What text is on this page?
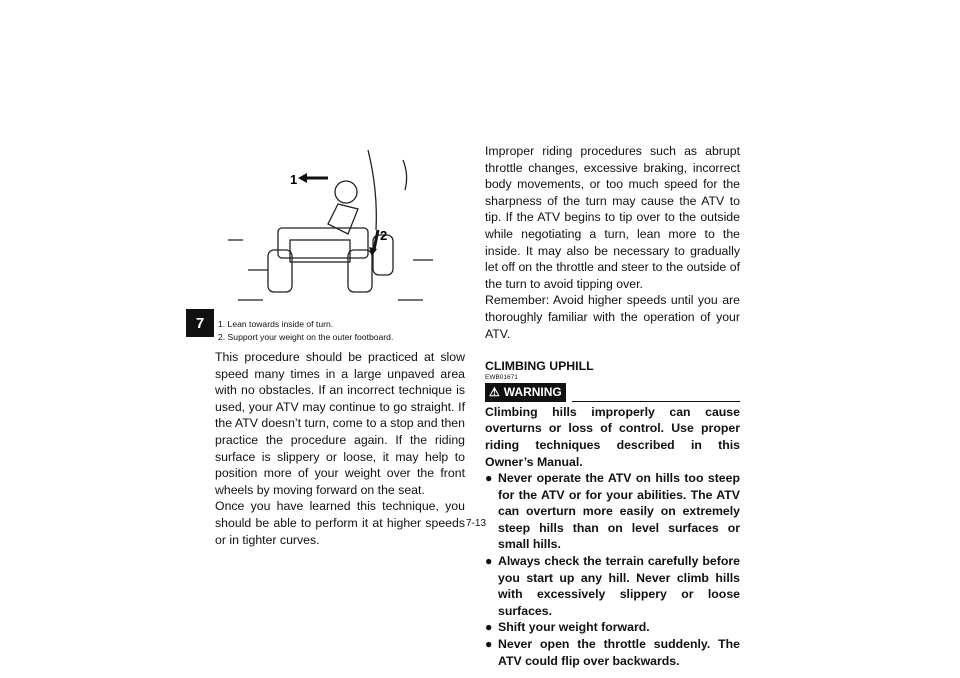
7
1
2
1. Lean towards inside of turn.
2. Support your weight on the outer footboard.

This procedure should be practiced at slow speed many times in a large unpaved area with no obstacles. If an incorrect technique is used, your ATV may continue to go straight. If the ATV doesn’t turn, come to a stop and then practice the procedure again. If the riding surface is slippery or loose, it may help to position more of your weight over the front wheels by moving forward on the seat.

Once you have learned this technique, you should be able to perform it at higher speeds or in tighter curves.

Improper riding procedures such as abrupt throttle changes, excessive braking, incorrect body movements, or too much speed for the sharpness of the turn may cause the ATV to tip. If the ATV begins to tip over to the outside while negotiating a turn, lean more to the inside. It may also be necessary to gradually let off on the throttle and steer to the outside of the turn to avoid tipping over.

Remember: Avoid higher speeds until you are thoroughly familiar with the operation of your ATV.

CLIMBING UPHILL
EWB01671
⚠ WARNING

Climbing hills improperly can cause overturns or loss of control. Use proper riding techniques described in this Owner’s Manual.

● Never operate the ATV on hills too steep for the ATV or for your abilities. The ATV can overturn more easily on extremely steep hills than on level surfaces or small hills.
● Always check the terrain carefully before you start up any hill. Never climb hills with excessively slippery or loose surfaces.
● Shift your weight forward.
● Never open the throttle suddenly. The ATV could flip over backwards.
7-13
